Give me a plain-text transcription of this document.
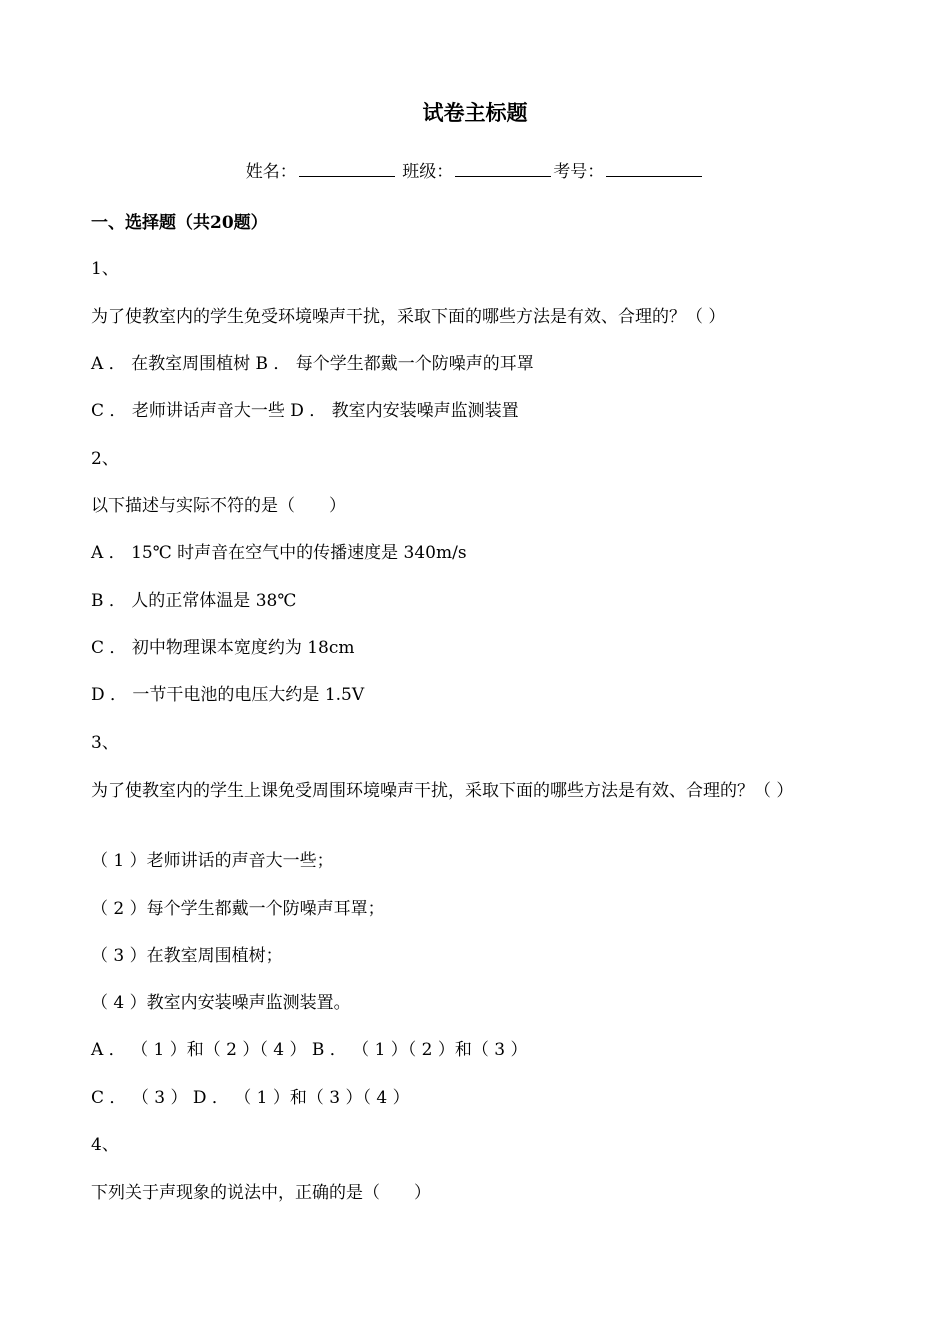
试卷主标题
姓名：	班级：	考号：
一、选择题（共20题）
1、
为了使教室内的学生免受环境噪声干扰，采取下面的哪些方法是有效、合理的？（ ）
A ． 在教室周围植树 B ． 每个学生都戴一个防噪声的耳罩
C ． 老师讲话声音大一些 D ． 教室内安装噪声监测装置
2、
以下描述与实际不符的是（　　）
A ． 15℃ 时声音在空气中的传播速度是 340m/s
B ． 人的正常体温是 38℃
C ． 初中物理课本宽度约为 18cm
D ． 一节干电池的电压大约是 1.5V
3、
为了使教室内的学生上课免受周围环境噪声干扰，采取下面的哪些方法是有效、合理的？（ ）
（ 1 ）老师讲话的声音大一些；
（ 2 ）每个学生都戴一个防噪声耳罩；
（ 3 ）在教室周围植树；
（ 4 ）教室内安装噪声监测装置。
A ． （ 1 ）和（ 2 ）（ 4 ） B ． （ 1 ）（ 2 ）和（ 3 ）
C ． （ 3 ） D ． （ 1 ）和（ 3 ）（ 4 ）
4、
下列关于声现象的说法中，正确的是（　　）
